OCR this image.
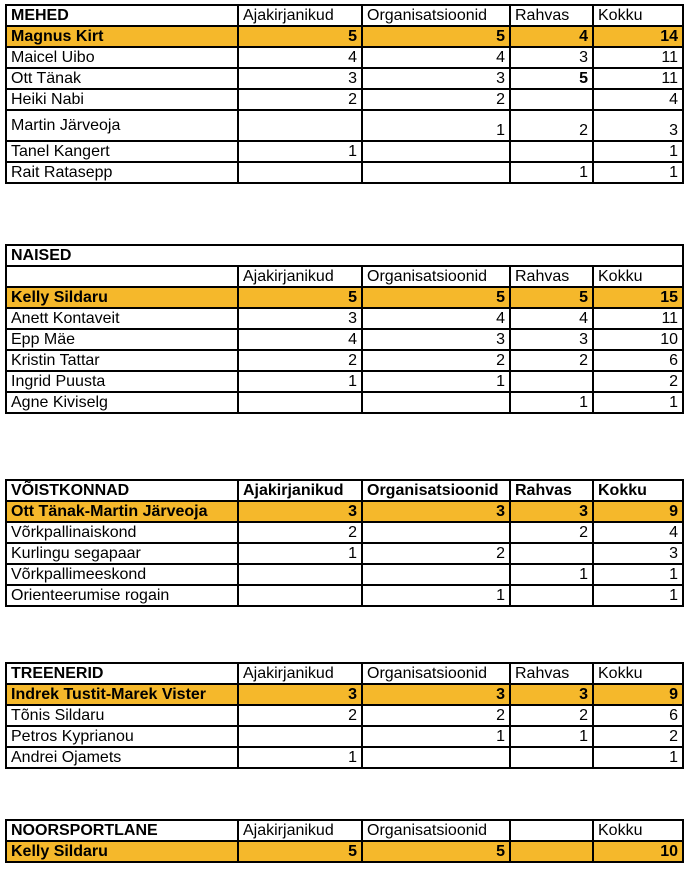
MEHED	Ajakirjanikud	Organisatsioonid	Rahvas	Kokku
Magnus Kirt	5	5	4	14
Maicel Uibo	4	4	3	11
Ott Tänak	3	3	5	11
Heiki Nabi	2	2		4
Martin Järveoja		1	2	3
Tanel Kangert	1			1
Rait Ratasepp			1	1
NAISED				
	Ajakirjanikud	Organisatsioonid	Rahvas	Kokku
Kelly Sildaru	5	5	5	15
Anett Kontaveit	3	4	4	11
Epp Mäe	4	3	3	10
Kristin Tattar	2	2	2	6
Ingrid Puusta	1	1		2
Agne Kiviselg			1	1
VÕISTKONNAD	Ajakirjanikud	Organisatsioonid	Rahvas	Kokku
Ott Tänak-Martin Järveoja	3	3	3	9
Võrkpallinaiskond	2		2	4
Kurlingu segapaar	1	2		3
Võrkpallimeeskond			1	1
Orienteerumise rogain		1		1
TREENERID	Ajakirjanikud	Organisatsioonid	Rahvas	Kokku
Indrek Tustit-Marek Vister	3	3	3	9
Tõnis Sildaru	2	2	2	6
Petros Kyprianou		1	1	2
Andrei Ojamets	1			1
NOORSPORTLANE	Ajakirjanikud	Organisatsioonid		Kokku
Kelly Sildaru	5	5		10
